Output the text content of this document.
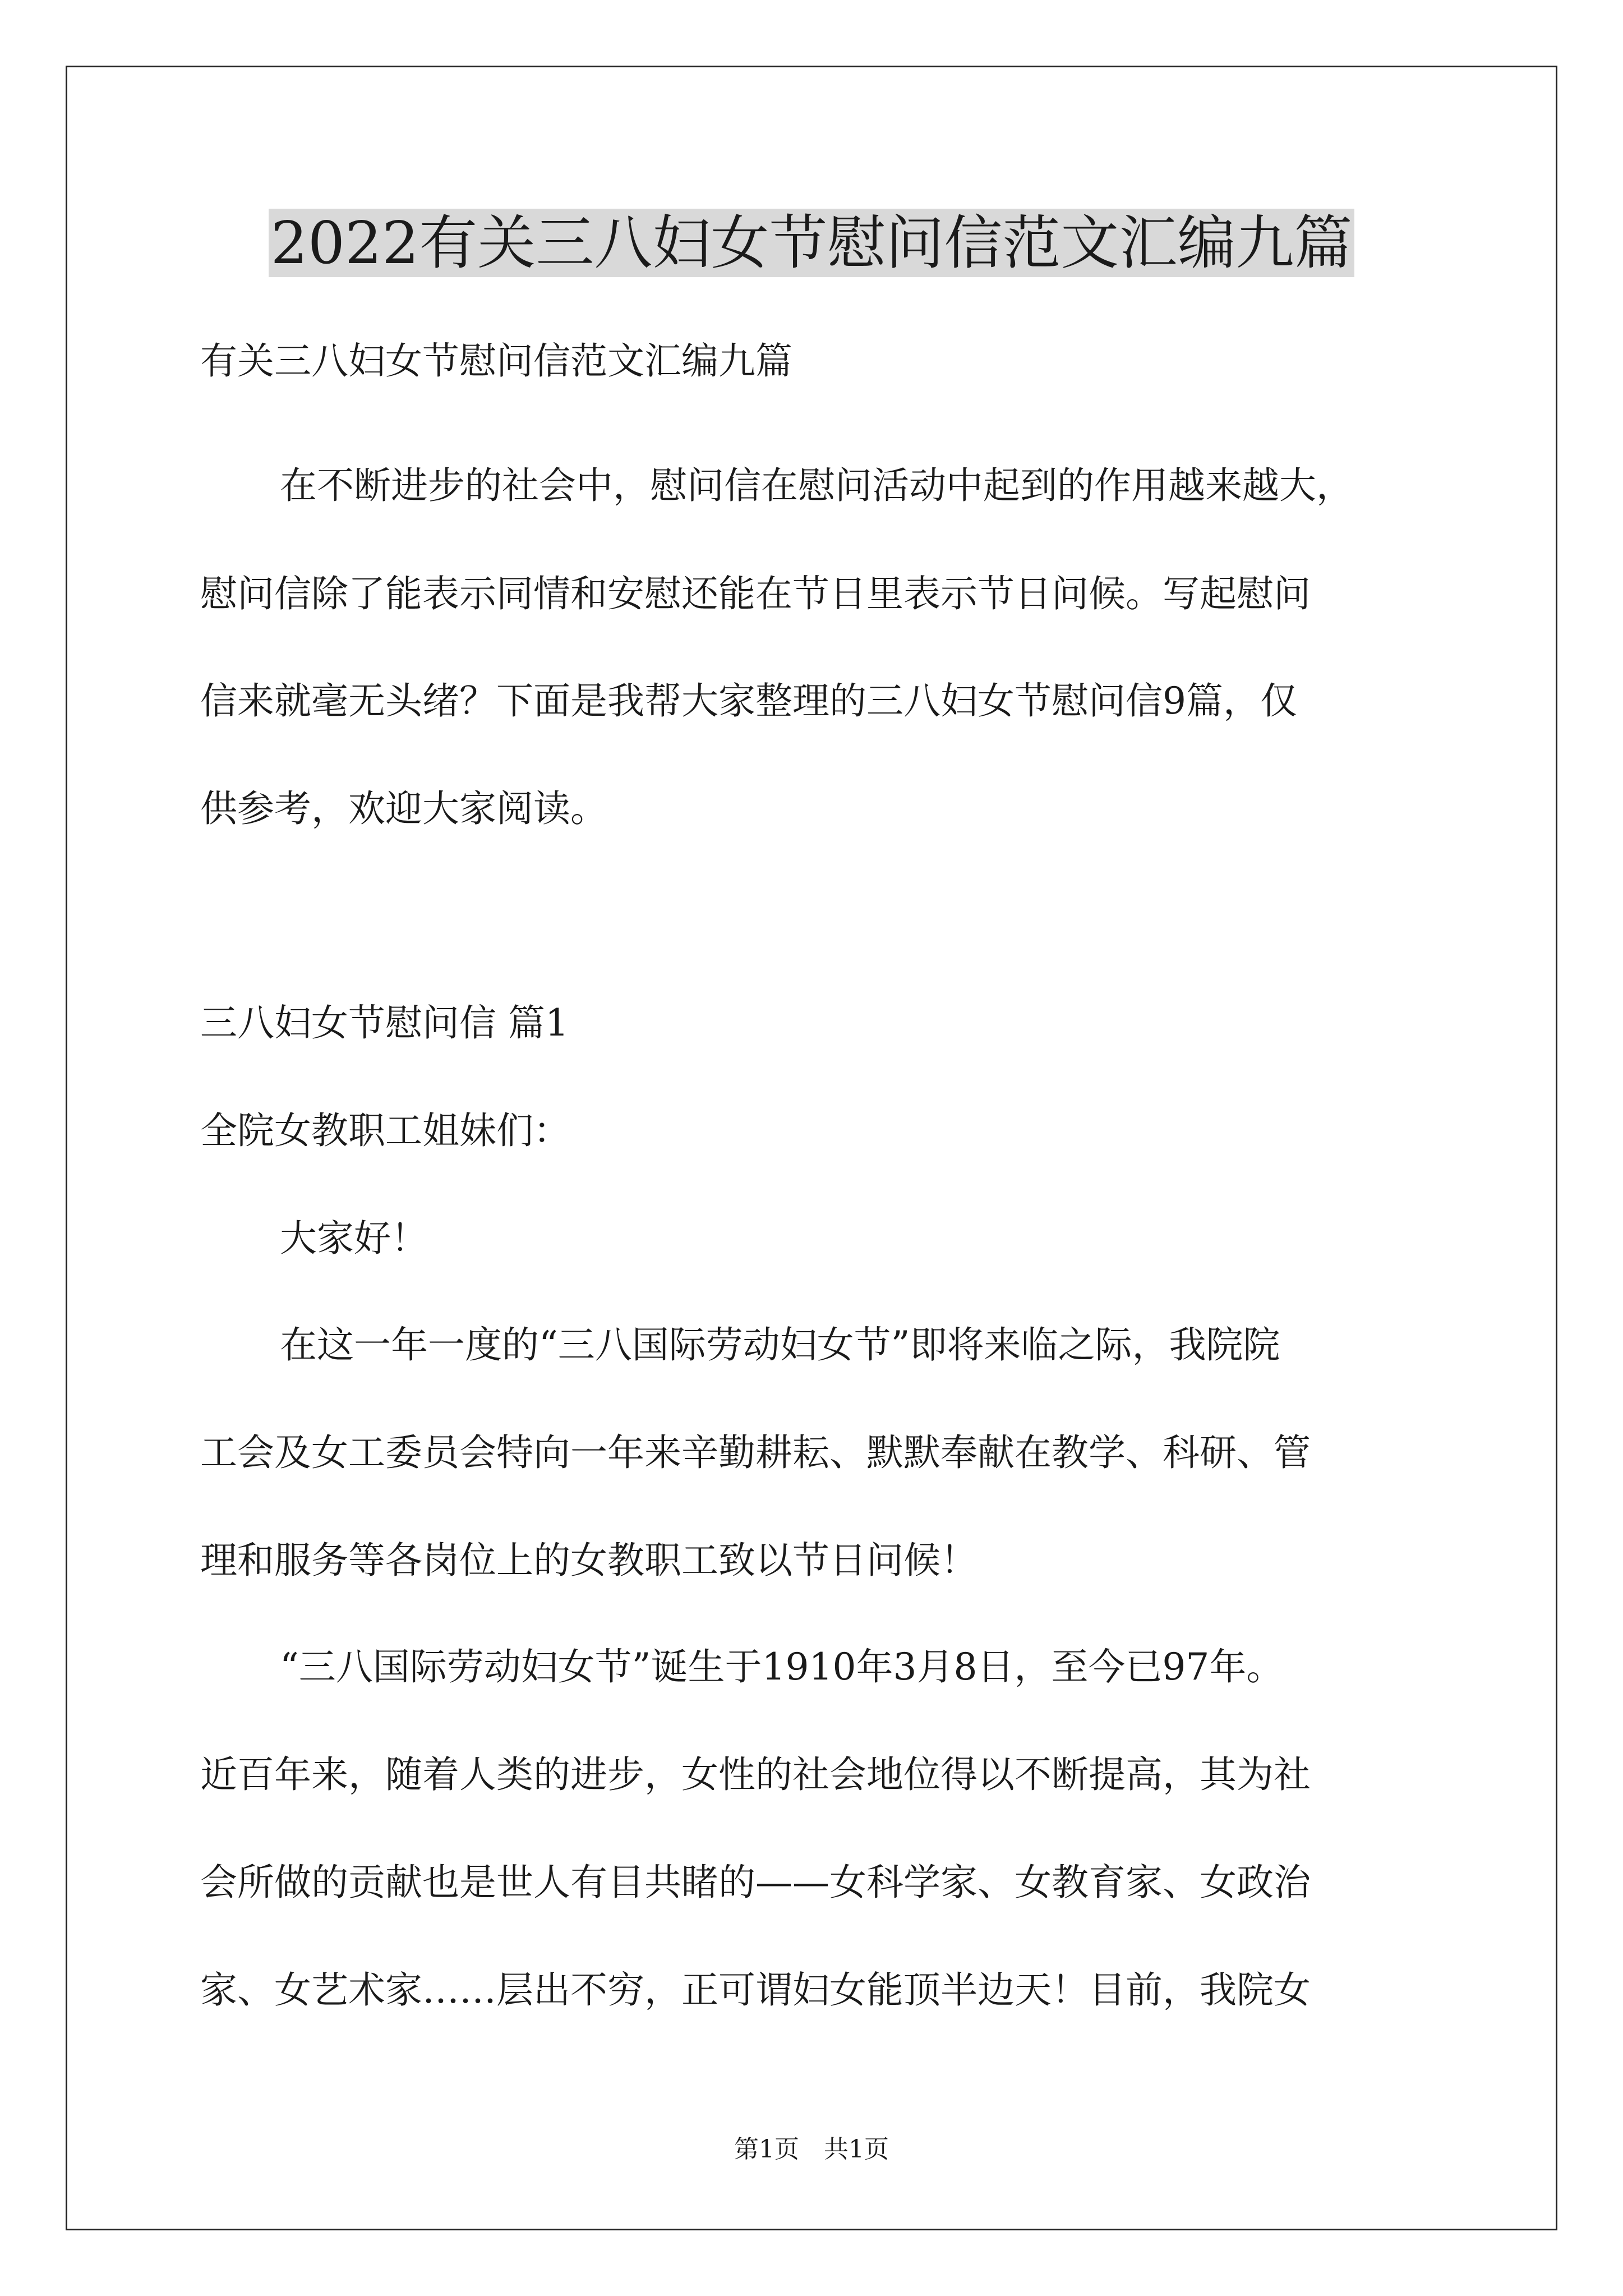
2022有关三八妇女节慰问信范文汇编九篇

有关三八妇女节慰问信范文汇编九篇

在不断进步的社会中，慰问信在慰问活动中起到的作用越来越大，

慰问信除了能表示同情和安慰还能在节日里表示节日问候。写起慰问

信来就毫无头绪？下面是我帮大家整理的三八妇女节慰问信9篇，仅

供参考，欢迎大家阅读。

三八妇女节慰问信 篇1

全院女教职工姐妹们：

大家好！

在这一年一度的“三八国际劳动妇女节”即将来临之际，我院院

工会及女工委员会特向一年来辛勤耕耘、默默奉献在教学、科研、管

理和服务等各岗位上的女教职工致以节日问候！

“三八国际劳动妇女节”诞生于1910年3月8日，至今已97年。

近百年来，随着人类的进步，女性的社会地位得以不断提高，其为社

会所做的贡献也是世人有目共睹的——女科学家、女教育家、女政治

家、女艺术家……层出不穷，正可谓妇女能顶半边天！目前，我院女

第1页　共1页
